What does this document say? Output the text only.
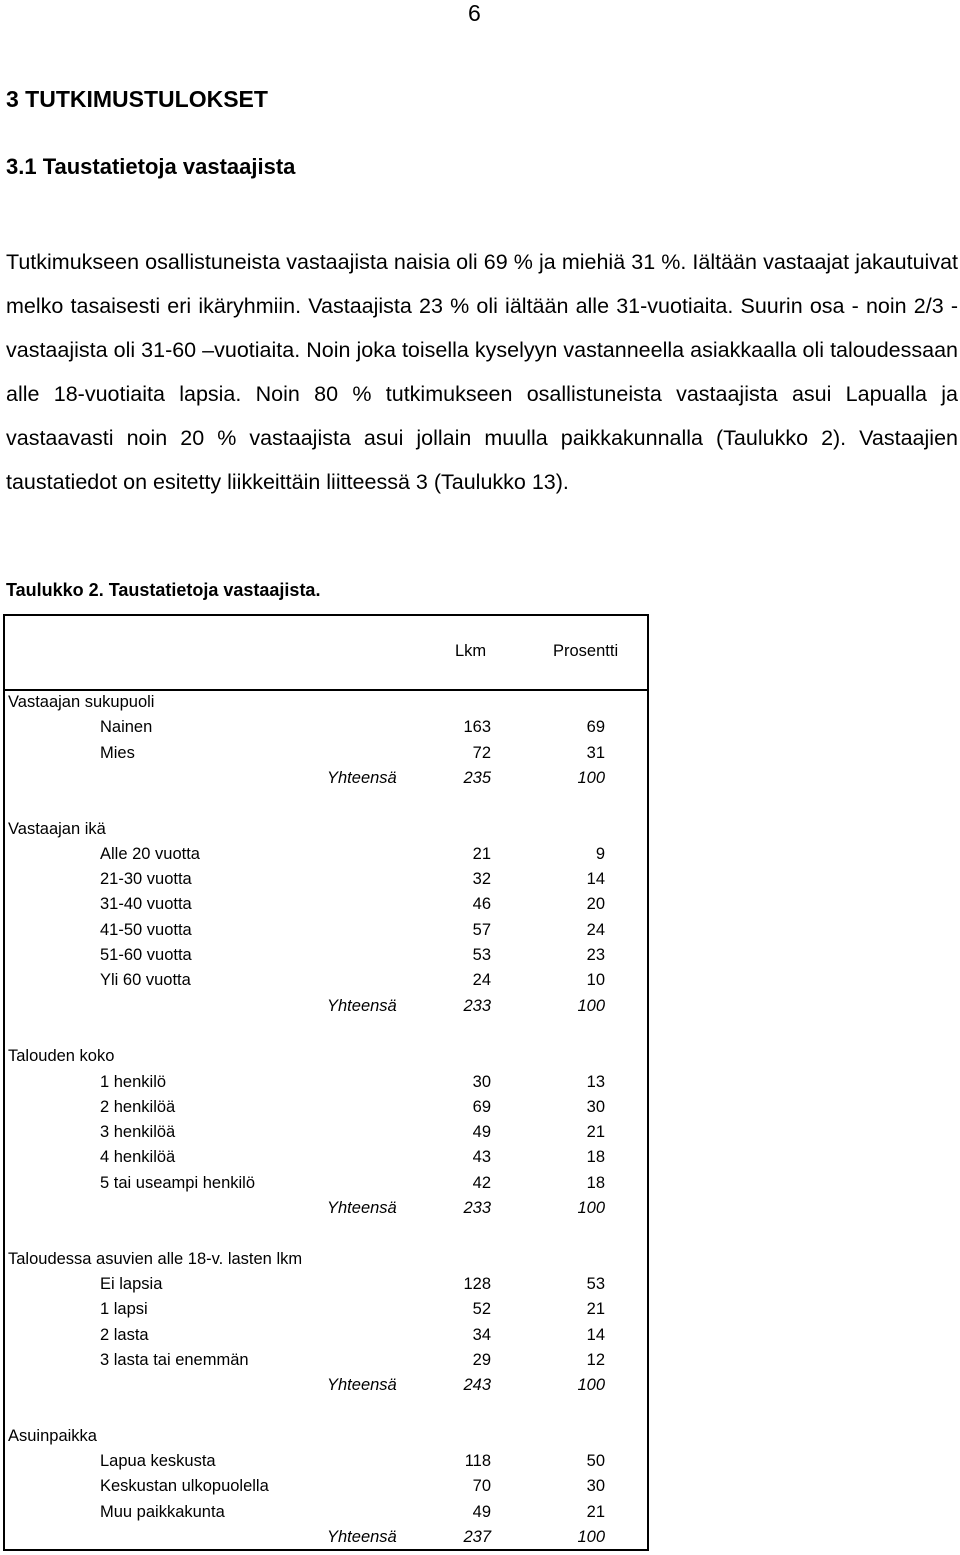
6
3 TUTKIMUSTULOKSET
3.1 Taustatietoja vastaajista

Tutkimukseen osallistuneista vastaajista naisia oli 69 % ja miehiä 31 %. Iältään vastaajat jakautuivat melko tasaisesti eri ikäryhmiin. Vastaajista 23 % oli iältään alle 31-vuotiaita. Suurin osa - noin 2/3 - vastaajista oli 31-60 –vuotiaita. Noin joka toisella kyselyyn vastanneella asiakkaalla oli taloudessaan alle 18-vuotiaita lapsia. Noin 80 % tutkimukseen osallistuneista vastaajista asui Lapualla ja vastaavasti noin 20 % vastaajista asui jollain muulla paikkakunnalla (Taulukko 2). Vastaajien taustatiedot on esitetty liikkeittäin liitteessä 3 (Taulukko 13).

Taulukko 2. Taustatietoja vastaajista.
Lkm	Prosentti
Vastaajan sukupuoli
Nainen	163	69
Mies	72	31
Yhteensä	235	100
Vastaajan ikä
Alle 20 vuotta	21	9
21-30 vuotta	32	14
31-40 vuotta	46	20
41-50 vuotta	57	24
51-60 vuotta	53	23
Yli 60 vuotta	24	10
Yhteensä	233	100
Talouden koko
1 henkilö	30	13
2 henkilöä	69	30
3 henkilöä	49	21
4 henkilöä	43	18
5 tai useampi henkilö	42	18
Yhteensä	233	100
Taloudessa asuvien alle 18-v. lasten lkm
Ei lapsia	128	53
1 lapsi	52	21
2 lasta	34	14
3 lasta tai enemmän	29	12
Yhteensä	243	100
Asuinpaikka
Lapua keskusta	118	50
Keskustan ulkopuolella	70	30
Muu paikkakunta	49	21
Yhteensä	237	100
